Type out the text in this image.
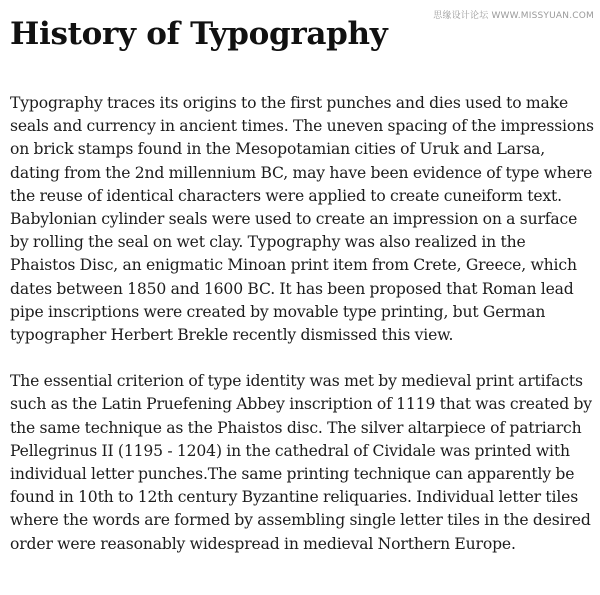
思缘设计论坛 WWW.MISSYUAN.COM
History of Typography

Typography traces its origins to the first punches and dies used to make seals and currency in ancient times. The uneven spacing of the impressions on brick stamps found in the Mesopotamian cities of Uruk and Larsa, dating from the 2nd millennium BC, may have been evidence of type where the reuse of identical characters were applied to create cuneiform text. Babylonian cylinder seals were used to create an impression on a surface by rolling the seal on wet clay. Typography was also realized in the Phaistos Disc, an enigmatic Minoan print item from Crete, Greece, which dates between 1850 and 1600 BC. It has been proposed that Roman lead pipe inscriptions were created by movable type printing, but German typographer Herbert Brekle recently dismissed this view.

The essential criterion of type identity was met by medieval print artifacts such as the Latin Pruefening Abbey inscription of 1119 that was created by the same technique as the Phaistos disc. The silver altarpiece of patriarch Pellegrinus II (1195 - 1204) in the cathedral of Cividale was printed with individual letter punches.The same printing technique can apparently be found in 10th to 12th century Byzantine reliquaries. Individual letter tiles where the words are formed by assembling single letter tiles in the desired order were reasonably widespread in medieval Northern Europe.
